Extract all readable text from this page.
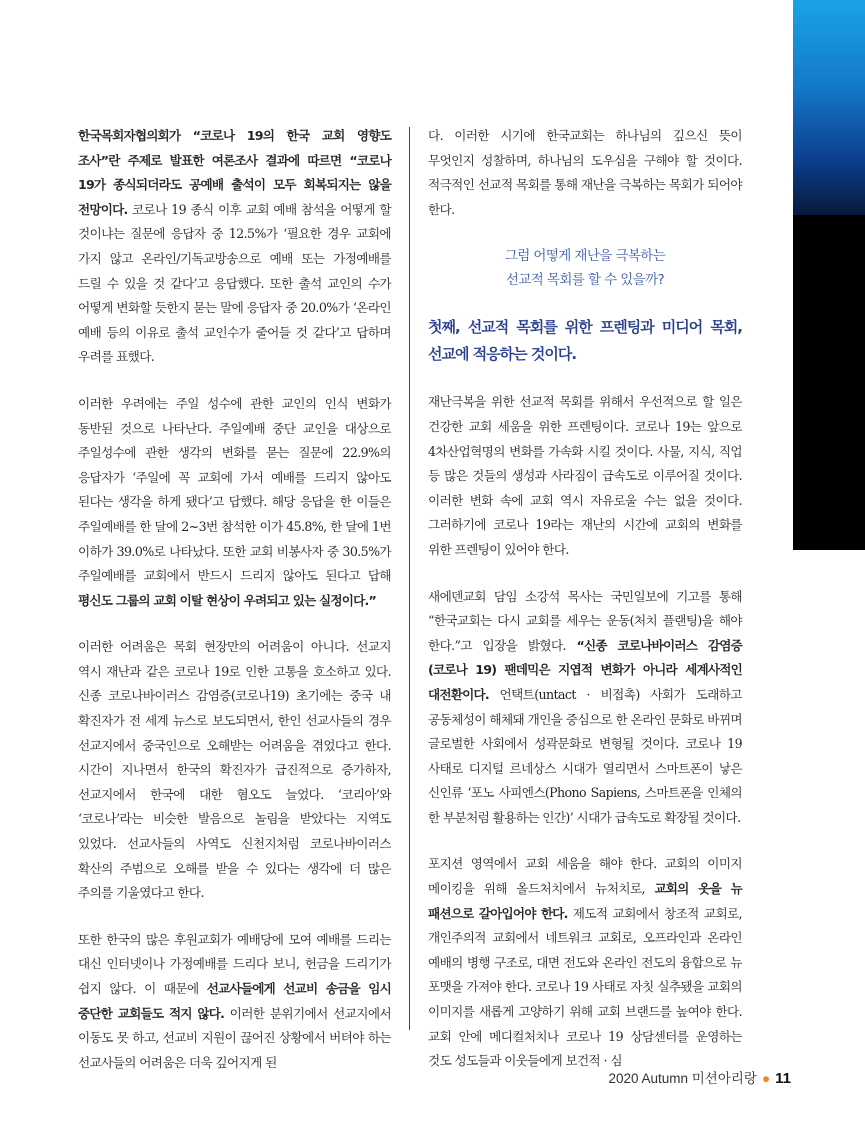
한국목회자협의회가 “코로나 19의 한국 교회 영향도 조사”란 주제로 발표한 여론조사 결과에 따르면 “코로나 19가 종식되더라도 공예배 출석이 모두 회복되지는 않을 전망이다. 코로나 19 종식 이후 교회 예배 참석을 어떻게 할 것이냐는 질문에 응답자 중 12.5%가 ‘필요한 경우 교회에 가지 않고 온라인/기독교방송으로 예배 또는 가정예배를 드릴 수 있을 것 같다’고 응답했다. 또한 출석 교인의 수가 어떻게 변화할 듯한지 묻는 말에 응답자 중 20.0%가 ‘온라인 예배 등의 이유로 출석 교인수가 줄어들 것 같다’고 답하며 우려를 표했다.

이러한 우려에는 주일 성수에 관한 교인의 인식 변화가 동반된 것으로 나타난다. 주일예배 중단 교인을 대상으로 주일성수에 관한 생각의 변화를 묻는 질문에 22.9%의 응답자가 ‘주일에 꼭 교회에 가서 예배를 드리지 않아도 된다는 생각을 하게 됐다’고 답했다. 해당 응답을 한 이들은 주일예배를 한 달에 2~3번 참석한 이가 45.8%, 한 달에 1번 이하가 39.0%로 나타났다. 또한 교회 비봉사자 중 30.5%가 주일예배를 교회에서 반드시 드리지 않아도 된다고 답해 평신도 그룹의 교회 이탈 현상이 우려되고 있는 실정이다.”

이러한 어려움은 목회 현장만의 어려움이 아니다. 선교지 역시 재난과 같은 코로나 19로 인한 고통을 호소하고 있다. 신종 코로나바이러스 감염증(코로나19) 초기에는 중국 내 확진자가 전 세계 뉴스로 보도되면서, 한인 선교사들의 경우 선교지에서 중국인으로 오해받는 어려움을 겪었다고 한다. 시간이 지나면서 한국의 확진자가 급진적으로 증가하자, 선교지에서 한국에 대한 혐오도 늘었다. ‘코리아’와 ‘코로나’라는 비슷한 발음으로 놀림을 받았다는 지역도 있었다. 선교사들의 사역도 신천지처럼 코로나바이러스 확산의 주범으로 오해를 받을 수 있다는 생각에 더 많은 주의를 기울였다고 한다.

또한 한국의 많은 후원교회가 예배당에 모여 예배를 드리는 대신 인터넷이나 가정예배를 드리다 보니, 헌금을 드리기가 쉽지 않다. 이 때문에 선교사들에게 선교비 송금을 임시 중단한 교회들도 적지 않다. 이러한 분위기에서 선교지에서 이동도 못 하고, 선교비 지원이 끊어진 상황에서 버텨야 하는 선교사들의 어려움은 더욱 깊어지게 된

다. 이러한 시기에 한국교회는 하나님의 깊으신 뜻이 무엇인지 성찰하며, 하나님의 도우심을 구해야 할 것이다. 적극적인 선교적 목회를 통해 재난을 극복하는 목회가 되어야 한다.

그럼 어떻게 재난을 극복하는
선교적 목회를 할 수 있을까?
첫째, 선교적 목회를 위한 프렌팅과 미디어 목회, 선교에 적응하는 것이다.

재난극복을 위한 선교적 목회를 위해서 우선적으로 할 일은 건강한 교회 세움을 위한 프렌팅이다. 코로나 19는 앞으로 4차산업혁명의 변화를 가속화 시킬 것이다. 사물, 지식, 직업 등 많은 것들의 생성과 사라짐이 급속도로 이루어질 것이다. 이러한 변화 속에 교회 역시 자유로울 수는 없을 것이다. 그러하기에 코로나 19라는 재난의 시간에 교회의 변화를 위한 프렌팅이 있어야 한다.

새에덴교회 담임 소강석 목사는 국민일보에 기고를 통해 “한국교회는 다시 교회를 세우는 운동(처치 플랜팅)을 해야 한다.”고 입장을 밝혔다. “신종 코로나바이러스 감염증(코로나 19) 팬데믹은 지엽적 변화가 아니라 세계사적인 대전환이다. 언택트(untact · 비접촉) 사회가 도래하고 공동체성이 해체돼 개인을 중심으로 한 온라인 문화로 바뀌며 글로벌한 사회에서 성곽문화로 변형될 것이다. 코로나 19 사태로 디지털 르네상스 시대가 열리면서 스마트폰이 낳은 신인류 ‘포노 사피엔스(Phono Sapiens, 스마트폰을 인체의 한 부분처럼 활용하는 인간)’ 시대가 급속도로 확장될 것이다.

포지션 영역에서 교회 세움을 해야 한다. 교회의 이미지 메이킹을 위해 올드처치에서 뉴처치로, 교회의 옷을 뉴 패션으로 갈아입어야 한다. 제도적 교회에서 창조적 교회로, 개인주의적 교회에서 네트워크 교회로, 오프라인과 온라인 예배의 병행 구조로, 대면 전도와 온라인 전도의 융합으로 뉴 포맷을 가져야 한다. 코로나 19 사태로 자칫 실추됐을 교회의 이미지를 새롭게 고양하기 위해 교회 브랜드를 높여야 한다. 교회 안에 메디컬처치나 코로나 19 상담센터를 운영하는 것도 성도들과 이웃들에게 보건적 · 심

2020 Autumn 미션아리랑 ● 11
